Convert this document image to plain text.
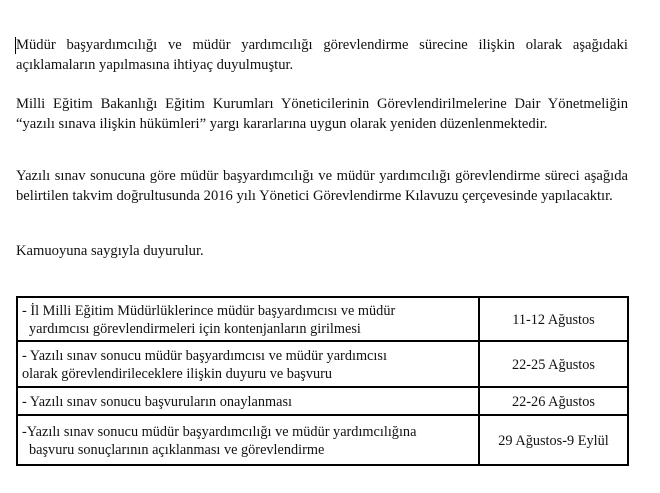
Müdür başyardımcılığı ve müdür yardımcılığı görevlendirme sürecine ilişkin olarak aşağıdaki açıklamaların yapılmasına ihtiyaç duyulmuştur.

Milli Eğitim Bakanlığı Eğitim Kurumları Yöneticilerinin Görevlendirilmelerine Dair Yönetmeliğin “yazılı sınava ilişkin hükümleri” yargı kararlarına uygun olarak yeniden düzenlenmektedir.

Yazılı sınav sonucuna göre müdür başyardımcılığı ve müdür yardımcılığı görevlendirme süreci aşağıda belirtilen takvim doğrultusunda 2016 yılı Yönetici Görevlendirme Kılavuzu çerçevesinde yapılacaktır.

Kamuoyuna saygıyla duyurulur.

- İl Milli Eğitim Müdürlüklerince müdür başyardımcısı ve müdür
yardımcısı görevlendirmeleri için kontenjanların girilmesi	11-12 Ağustos

- Yazılı sınav sonucu müdür başyardımcısı ve müdür yardımcısı
olarak görevlendirileceklere ilişkin duyuru ve başvuru	22-25 Ağustos

- Yazılı sınav sonucu başvuruların onaylanması	22-26 Ağustos

-Yazılı sınav sonucu müdür başyardımcılığı ve müdür yardımcılığına
başvuru sonuçlarının açıklanması ve görevlendirme	29 Ağustos-9 Eylül
